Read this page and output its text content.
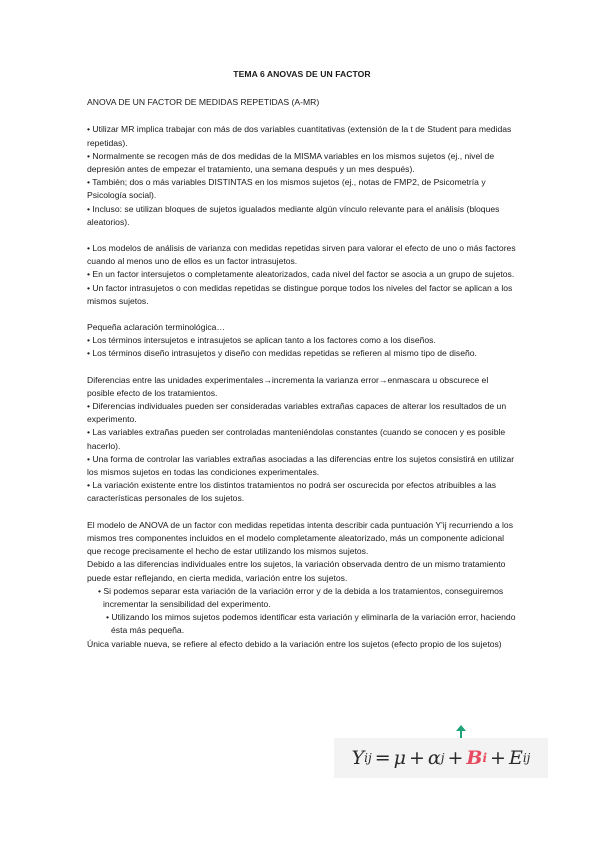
TEMA 6 ANOVAS DE UN FACTOR

ANOVA DE UN FACTOR DE MEDIDAS REPETIDAS (A-MR)

• Utilizar MR implica trabajar con más de dos variables cuantitativas (extensión de la t de Student para medidas repetidas).

• Normalmente se recogen más de dos medidas de la MISMA variables en los mismos sujetos (ej., nivel de depresión antes de empezar el tratamiento, una semana después y un mes después).

• También; dos o más variables DISTINTAS en los mismos sujetos (ej., notas de FMP2, de Psicometría y Psicología social).

• Incluso: se utilizan bloques de sujetos igualados mediante algún vínculo relevante para el análisis (bloques aleatorios).

• Los modelos de análisis de varianza con medidas repetidas sirven para valorar el efecto de uno o más factores cuando al menos uno de ellos es un factor intrasujetos.

• En un factor intersujetos o completamente aleatorizados, cada nivel del factor se asocia a un grupo de sujetos.

• Un factor intrasujetos o con medidas repetidas se distingue porque todos los niveles del factor se aplican a los mismos sujetos.

Pequeña aclaración terminológica…

• Los términos intersujetos e intrasujetos se aplican tanto a los factores como a los diseños.

• Los términos diseño intrasujetos y diseño con medidas repetidas se refieren al mismo tipo de diseño.

Diferencias entre las unidades experimentales→incrementa la varianza error→enmascara u obscurece el posible efecto de los tratamientos.

• Diferencias individuales pueden ser consideradas variables extrañas capaces de alterar los resultados de un experimento.

• Las variables extrañas pueden ser controladas manteniéndolas constantes (cuando se conocen y es posible hacerlo).

• Una forma de controlar las variables extrañas asociadas a las diferencias entre los sujetos consistirá en utilizar los mismos sujetos en todas las condiciones experimentales.

• La variación existente entre los distintos tratamientos no podrá ser oscurecida por efectos atribuibles a las características personales de los sujetos.

El modelo de ANOVA de un factor con medidas repetidas intenta describir cada puntuación Y'ij recurriendo a los mismos tres componentes incluidos en el modelo completamente aleatorizado, más un componente adicional que recoge precisamente el hecho de estar utilizando los mismos sujetos.

Debido a las diferencias individuales entre los sujetos, la variación observada dentro de un mismo tratamiento puede estar reflejando, en cierta medida, variación entre los sujetos.

• Si podemos separar esta variación de la variación error y de la debida a los tratamientos, conseguiremos incrementar la sensibilidad del experimento.

• Utilizando los mimos sujetos podemos identificar esta variación y eliminarla de la variación error, haciendo ésta más pequeña.

Única variable nueva, se refiere al efecto debido a la variación entre los sujetos (efecto propio de los sujetos)

Y ij = μ + α j + B i + E ij
